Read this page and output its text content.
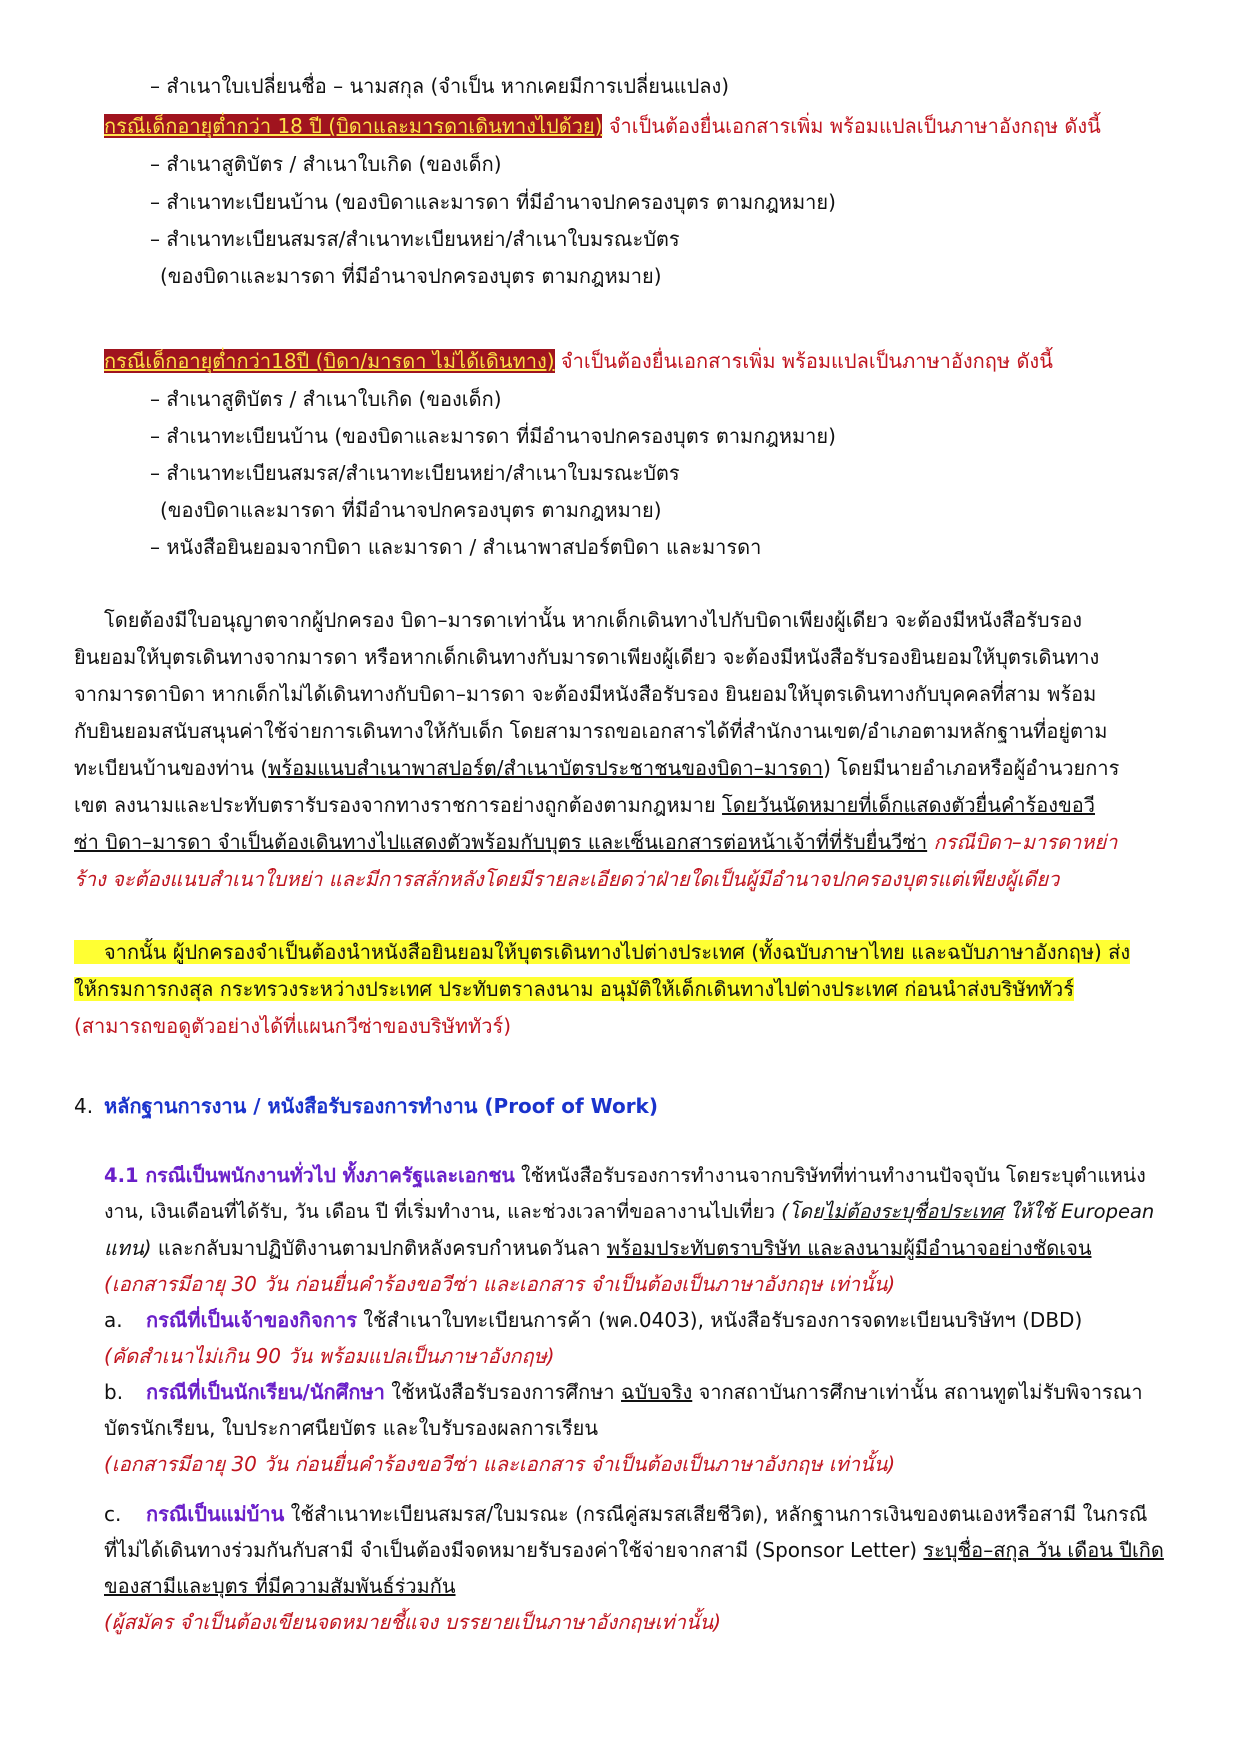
– สำเนาใบเปลี่ยนชื่อ – นามสกุล (จำเป็น หากเคยมีการเปลี่ยนแปลง)
กรณีเด็กอายุต่ำกว่า 18 ปี (บิดาและมารดาเดินทางไปด้วย) จำเป็นต้องยื่นเอกสารเพิ่ม พร้อมแปลเป็นภาษาอังกฤษ ดังนี้
– สำเนาสูติบัตร / สำเนาใบเกิด (ของเด็ก)
– สำเนาทะเบียนบ้าน (ของบิดาและมารดา ที่มีอำนาจปกครองบุตร ตามกฎหมาย)
– สำเนาทะเบียนสมรส/สำเนาทะเบียนหย่า/สำเนาใบมรณะบัตร
(ของบิดาและมารดา ที่มีอำนาจปกครองบุตร ตามกฎหมาย)
กรณีเด็กอายุต่ำกว่า18ปี (บิดา/มารดา ไม่ได้เดินทาง) จำเป็นต้องยื่นเอกสารเพิ่ม พร้อมแปลเป็นภาษาอังกฤษ ดังนี้
– สำเนาสูติบัตร / สำเนาใบเกิด (ของเด็ก)
– สำเนาทะเบียนบ้าน (ของบิดาและมารดา ที่มีอำนาจปกครองบุตร ตามกฎหมาย)
– สำเนาทะเบียนสมรส/สำเนาทะเบียนหย่า/สำเนาใบมรณะบัตร
(ของบิดาและมารดา ที่มีอำนาจปกครองบุตร ตามกฎหมาย)
– หนังสือยินยอมจากบิดา และมารดา / สำเนาพาสปอร์ตบิดา และมารดา
โดยต้องมีใบอนุญาตจากผู้ปกครอง บิดา–มารดาเท่านั้น หากเด็กเดินทางไปกับบิดาเพียงผู้เดียว จะต้องมีหนังสือรับรอง
ยินยอมให้บุตรเดินทางจากมารดา หรือหากเด็กเดินทางกับมารดาเพียงผู้เดียว จะต้องมีหนังสือรับรองยินยอมให้บุตรเดินทาง
จากมารดาบิดา หากเด็กไม่ได้เดินทางกับบิดา–มารดา จะต้องมีหนังสือรับรอง ยินยอมให้บุตรเดินทางกับบุคคลที่สาม พร้อม
กับยินยอมสนับสนุนค่าใช้จ่ายการเดินทางให้กับเด็ก โดยสามารถขอเอกสารได้ที่สำนักงานเขต/อำเภอตามหลักฐานที่อยู่ตาม
ทะเบียนบ้านของท่าน (พร้อมแนบสำเนาพาสปอร์ต/สำเนาบัตรประชาชนของบิดา–มารดา) โดยมีนายอำเภอหรือผู้อำนวยการ
เขต ลงนามและประทับตรารับรองจากทางราชการอย่างถูกต้องตามกฎหมาย โดยวันนัดหมายที่เด็กแสดงตัวยื่นคำร้องขอวี
ซ่า บิดา–มารดา จำเป็นต้องเดินทางไปแสดงตัวพร้อมกับบุตร และเซ็นเอกสารต่อหน้าเจ้าที่ที่รับยื่นวีซ่า กรณีบิดา–มารดาหย่า
ร้าง จะต้องแนบสำเนาใบหย่า และมีการสลักหลังโดยมีรายละเอียดว่าฝ่ายใดเป็นผู้มีอำนาจปกครองบุตรแต่เพียงผู้เดียว
จากนั้น ผู้ปกครองจำเป็นต้องนำหนังสือยินยอมให้บุตรเดินทางไปต่างประเทศ (ทั้งฉบับภาษาไทย และฉบับภาษาอังกฤษ) ส่ง
ให้กรมการกงสุล กระทรวงระหว่างประเทศ ประทับตราลงนาม อนุมัติให้เด็กเดินทางไปต่างประเทศ ก่อนนำส่งบริษัททัวร์
(สามารถขอดูตัวอย่างได้ที่แผนกวีซ่าของบริษัททัวร์)
4. หลักฐานการงาน / หนังสือรับรองการทำงาน (Proof of Work)
4.1 กรณีเป็นพนักงานทั่วไป ทั้งภาครัฐและเอกชน ใช้หนังสือรับรองการทำงานจากบริษัทที่ท่านทำงานปัจจุบัน โดยระบุตำแหน่ง
งาน, เงินเดือนที่ได้รับ, วัน เดือน ปี ที่เริ่มทำงาน, และช่วงเวลาที่ขอลางานไปเที่ยว (โดยไม่ต้องระบุชื่อประเทศ ให้ใช้ European
แทน) และกลับมาปฏิบัติงานตามปกติหลังครบกำหนดวันลา พร้อมประทับตราบริษัท และลงนามผู้มีอำนาจอย่างชัดเจน
(เอกสารมีอายุ 30 วัน ก่อนยื่นคำร้องขอวีซ่า และเอกสาร จำเป็นต้องเป็นภาษาอังกฤษ เท่านั้น)
a. กรณีที่เป็นเจ้าของกิจการ ใช้สำเนาใบทะเบียนการค้า (พค.0403), หนังสือรับรองการจดทะเบียนบริษัทฯ (DBD)
(คัดสำเนาไม่เกิน 90 วัน พร้อมแปลเป็นภาษาอังกฤษ)
b. กรณีที่เป็นนักเรียน/นักศึกษา ใช้หนังสือรับรองการศึกษา ฉบับจริง จากสถาบันการศึกษาเท่านั้น สถานทูตไม่รับพิจารณา
บัตรนักเรียน, ใบประกาศนียบัตร และใบรับรองผลการเรียน
(เอกสารมีอายุ 30 วัน ก่อนยื่นคำร้องขอวีซ่า และเอกสาร จำเป็นต้องเป็นภาษาอังกฤษ เท่านั้น)
c. กรณีเป็นแม่บ้าน ใช้สำเนาทะเบียนสมรส/ใบมรณะ (กรณีคู่สมรสเสียชีวิต), หลักฐานการเงินของตนเองหรือสามี ในกรณี
ที่ไม่ได้เดินทางร่วมกันกับสามี จำเป็นต้องมีจดหมายรับรองค่าใช้จ่ายจากสามี (Sponsor Letter) ระบุชื่อ–สกุล วัน เดือน ปีเกิด
ของสามีและบุตร ที่มีความสัมพันธ์ร่วมกัน
(ผู้สมัคร จำเป็นต้องเขียนจดหมายชี้แจง บรรยายเป็นภาษาอังกฤษเท่านั้น)
